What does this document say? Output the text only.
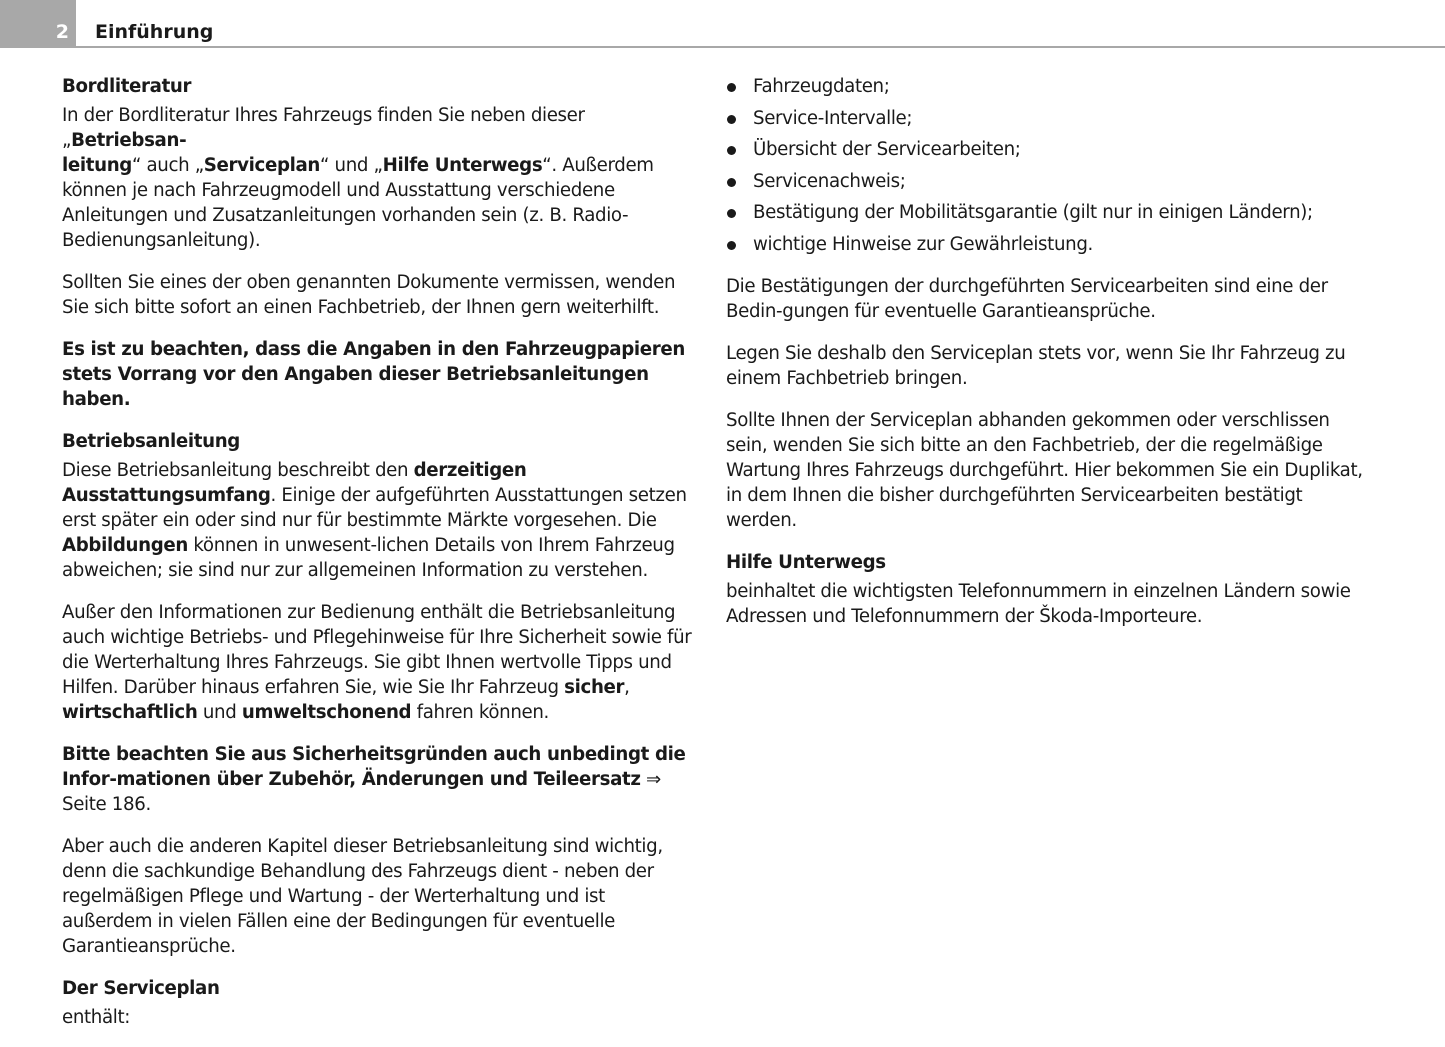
2	Einführung
Bordliteratur

In der Bordliteratur Ihres Fahrzeugs finden Sie neben dieser „Betriebsan-
leitung“ auch „Serviceplan“ und „Hilfe Unterwegs“. Außerdem können je nach Fahrzeugmodell und Ausstattung verschiedene Anleitungen und Zusatzanleitungen vorhanden sein (z. B. Radio-Bedienungsanleitung).

Sollten Sie eines der oben genannten Dokumente vermissen, wenden Sie sich bitte sofort an einen Fachbetrieb, der Ihnen gern weiterhilft.

Es ist zu beachten, dass die Angaben in den Fahrzeugpapieren stets Vorrang vor den Angaben dieser Betriebsanleitungen haben.

Betriebsanleitung

Diese Betriebsanleitung beschreibt den derzeitigen Ausstattungsumfang. Einige der aufgeführten Ausstattungen setzen erst später ein oder sind nur für bestimmte Märkte vorgesehen. Die Abbildungen können in unwesent-lichen Details von Ihrem Fahrzeug abweichen; sie sind nur zur allgemeinen Information zu verstehen.

Außer den Informationen zur Bedienung enthält die Betriebsanleitung auch wichtige Betriebs- und Pflegehinweise für Ihre Sicherheit sowie für die Werterhaltung Ihres Fahrzeugs. Sie gibt Ihnen wertvolle Tipps und Hilfen. Darüber hinaus erfahren Sie, wie Sie Ihr Fahrzeug sicher, wirtschaftlich und umweltschonend fahren können.

Bitte beachten Sie aus Sicherheitsgründen auch unbedingt die Infor-mationen über Zubehör, Änderungen und Teileersatz ⇒ Seite 186.

Aber auch die anderen Kapitel dieser Betriebsanleitung sind wichtig, denn die sachkundige Behandlung des Fahrzeugs dient - neben der regelmäßigen Pflege und Wartung - der Werterhaltung und ist außerdem in vielen Fällen eine der Bedingungen für eventuelle Garantieansprüche.

Der Serviceplan

enthält:

Fahrzeugdaten;
Service-Intervalle;
Übersicht der Servicearbeiten;
Servicenachweis;
Bestätigung der Mobilitätsgarantie (gilt nur in einigen Ländern);
wichtige Hinweise zur Gewährleistung.

Die Bestätigungen der durchgeführten Servicearbeiten sind eine der Bedin-gungen für eventuelle Garantieansprüche.

Legen Sie deshalb den Serviceplan stets vor, wenn Sie Ihr Fahrzeug zu einem Fachbetrieb bringen.

Sollte Ihnen der Serviceplan abhanden gekommen oder verschlissen sein, wenden Sie sich bitte an den Fachbetrieb, der die regelmäßige Wartung Ihres Fahrzeugs durchgeführt. Hier bekommen Sie ein Duplikat, in dem Ihnen die bisher durchgeführten Servicearbeiten bestätigt werden.

Hilfe Unterwegs

beinhaltet die wichtigsten Telefonnummern in einzelnen Ländern sowie Adressen und Telefonnummern der Škoda-Importeure.
